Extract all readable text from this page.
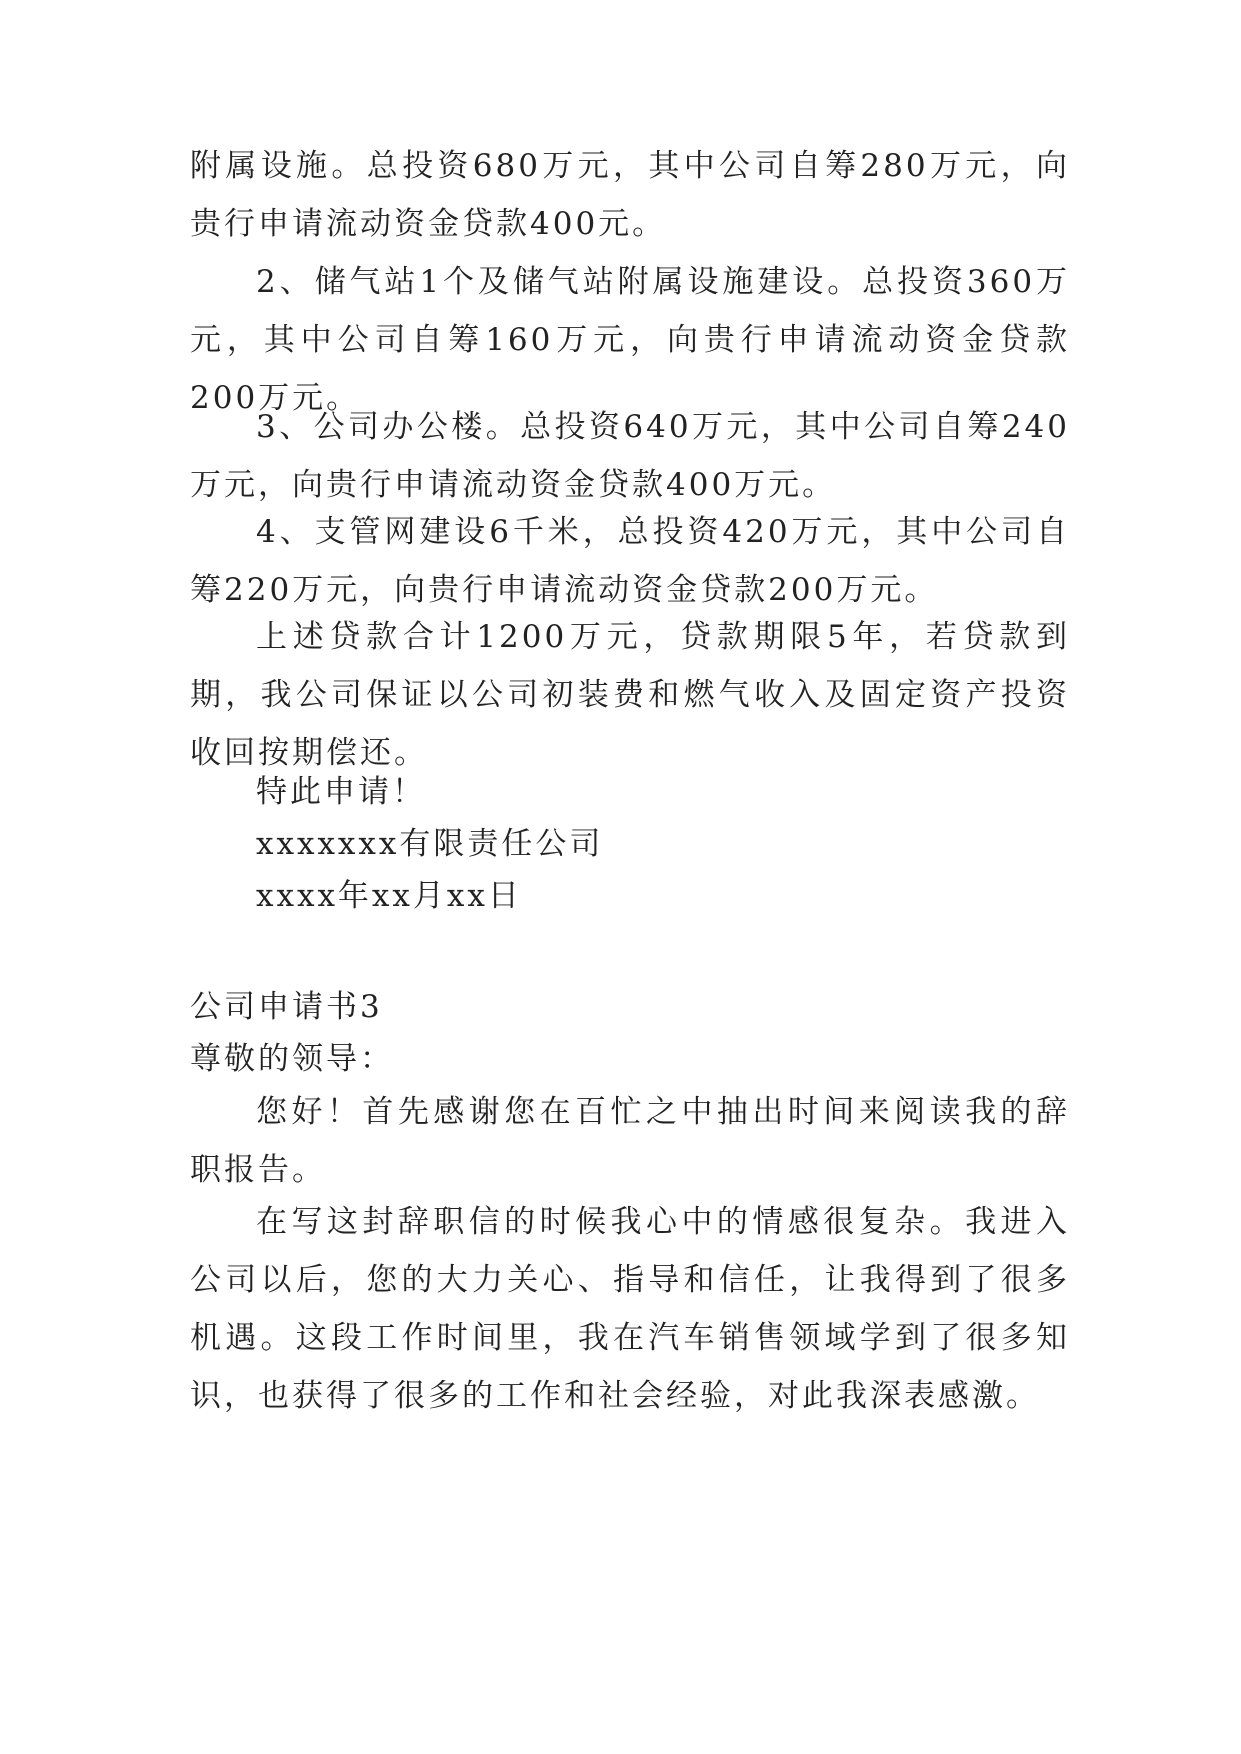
附属设施。总投资680万元，其中公司自筹280万元，向贵行申请流动资金贷款400元。
2、储气站1个及储气站附属设施建设。总投资360万元，其中公司自筹160万元，向贵行申请流动资金贷款200万元。
3、公司办公楼。总投资640万元，其中公司自筹240万元，向贵行申请流动资金贷款400万元。
4、支管网建设6千米，总投资420万元，其中公司自筹220万元，向贵行申请流动资金贷款200万元。
上述贷款合计1200万元，贷款期限5年，若贷款到期，我公司保证以公司初装费和燃气收入及固定资产投资收回按期偿还。
特此申请！
xxxxxxx有限责任公司
xxxx年xx月xx日
公司申请书3
尊敬的领导：
您好！首先感谢您在百忙之中抽出时间来阅读我的辞职报告。
在写这封辞职信的时候我心中的情感很复杂。我进入公司以后，您的大力关心、指导和信任，让我得到了很多机遇。这段工作时间里，我在汽车销售领域学到了很多知识，也获得了很多的工作和社会经验，对此我深表感激。
